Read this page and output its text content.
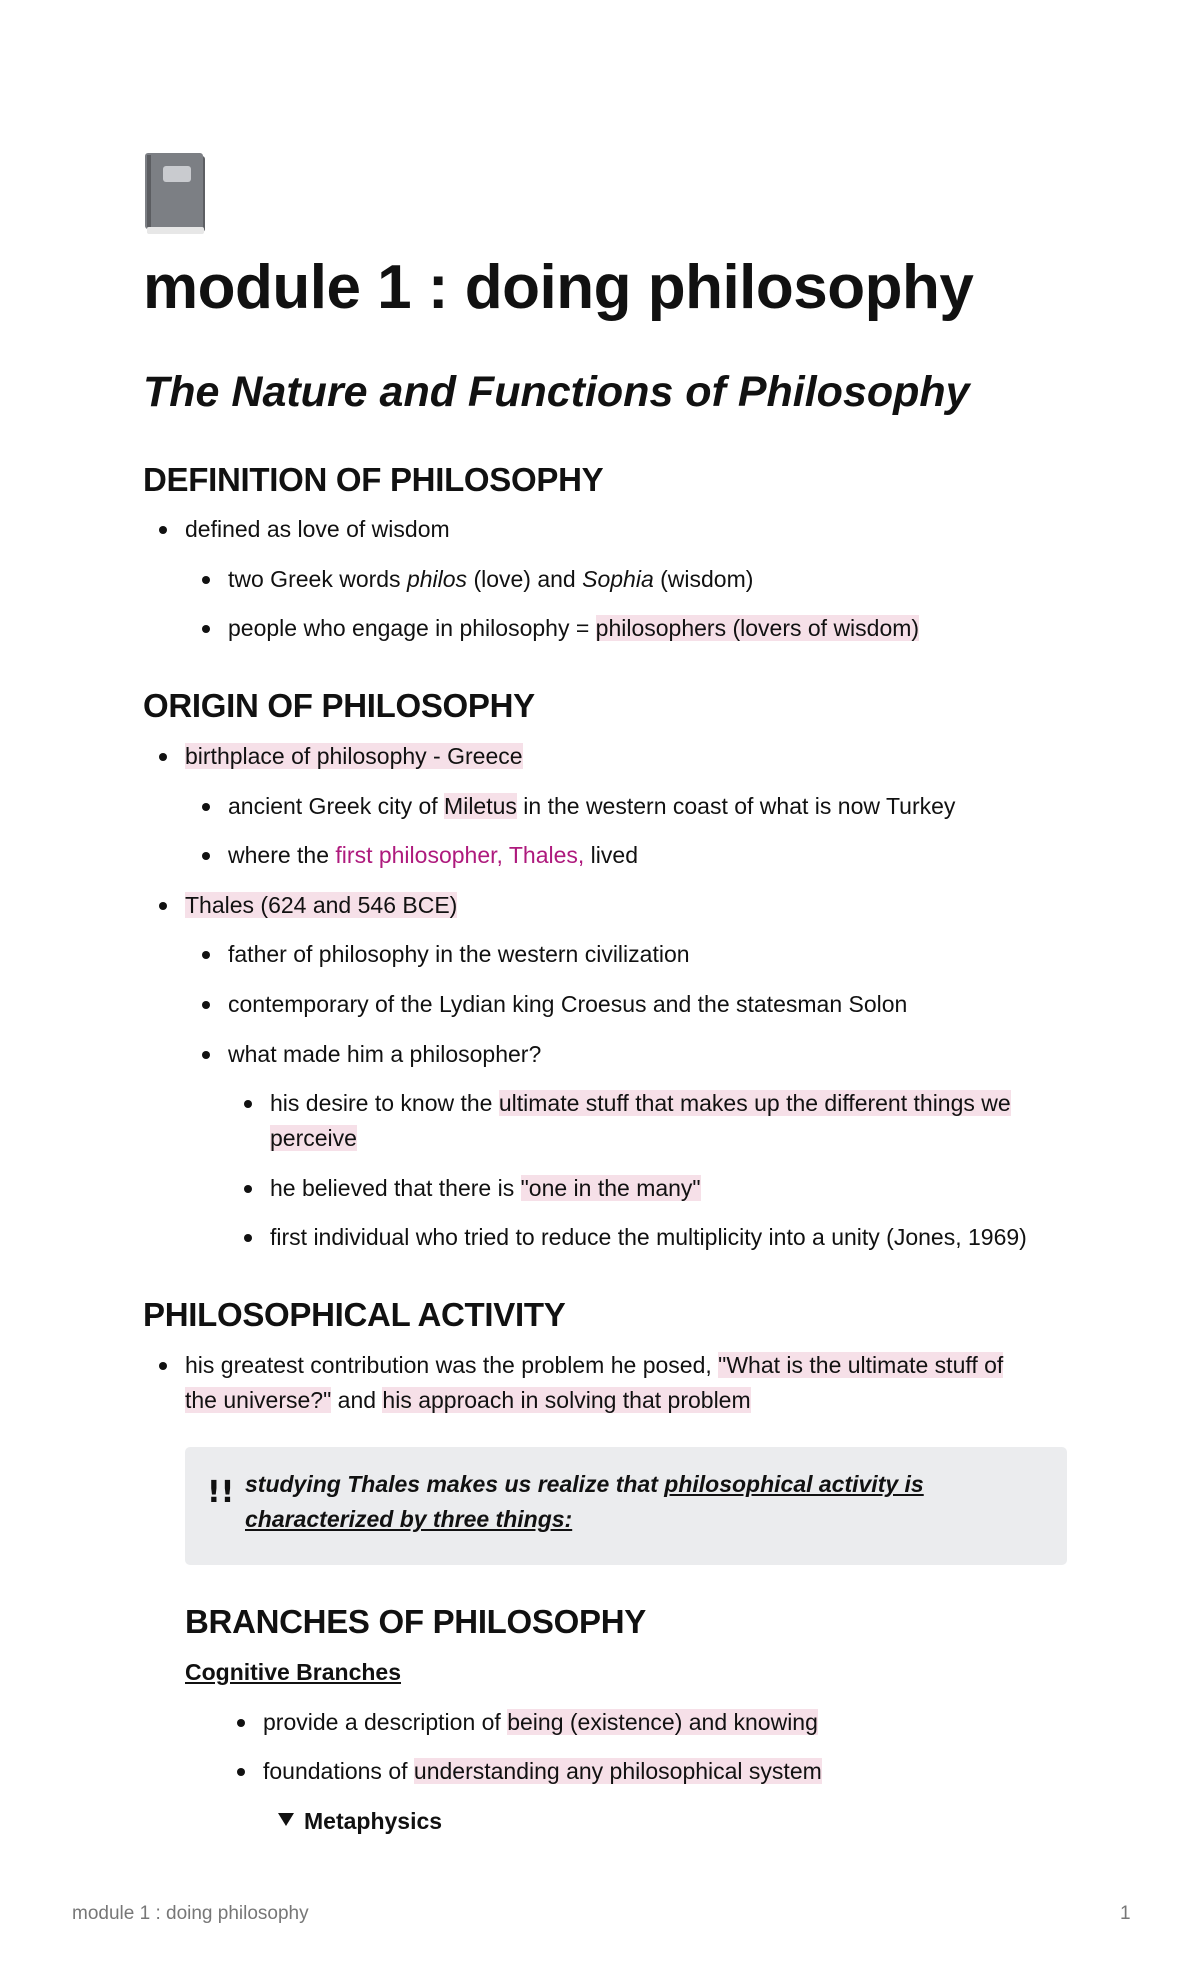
module 1 : doing philosophy
The Nature and Functions of Philosophy
DEFINITION OF PHILOSOPHY
defined as love of wisdom
two Greek words philos (love) and Sophia (wisdom)
people who engage in philosophy = philosophers (lovers of wisdom)
ORIGIN OF PHILOSOPHY
birthplace of philosophy - Greece
ancient Greek city of Miletus in the western coast of what is now Turkey
where the first philosopher, Thales, lived
Thales (624 and 546 BCE)
father of philosophy in the western civilization
contemporary of the Lydian king Croesus and the statesman Solon
what made him a philosopher?
his desire to know the ultimate stuff that makes up the different things we
perceive
he believed that there is "one in the many"
first individual who tried to reduce the multiplicity into a unity (Jones, 1969)
PHILOSOPHICAL ACTIVITY
his greatest contribution was the problem he posed, "What is the ultimate stuff of
the universe?" and his approach in solving that problem
!! studying Thales makes us realize that philosophical activity is
characterized by three things:
BRANCHES OF PHILOSOPHY
Cognitive Branches
provide a description of being (existence) and knowing
foundations of understanding any philosophical system
Metaphysics
module 1 : doing philosophy	1
